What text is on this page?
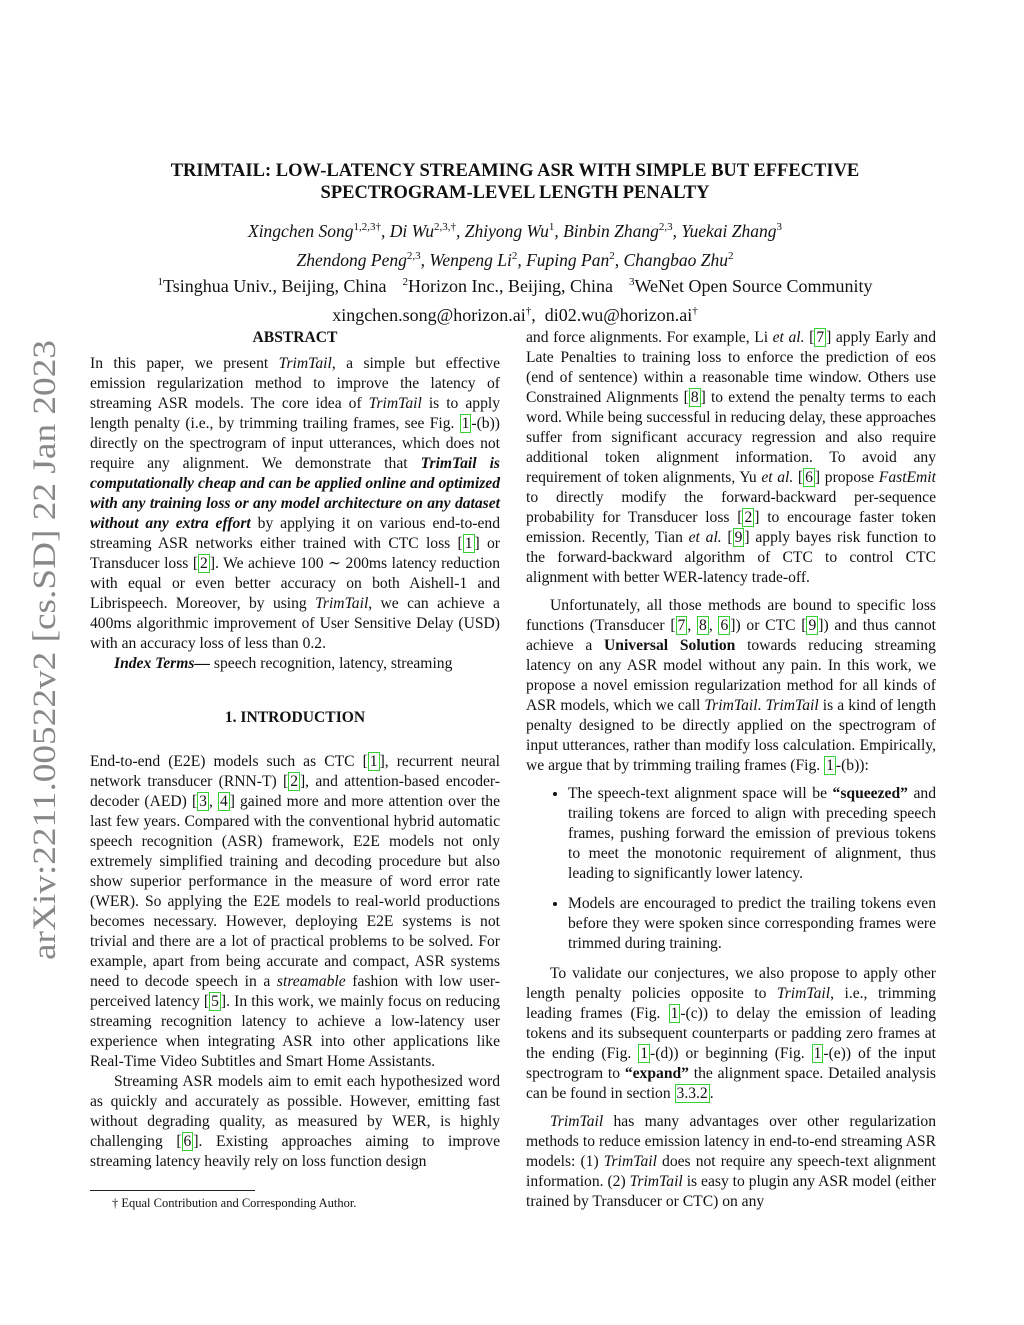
arXiv:2211.00522v2 [cs.SD] 22 Jan 2023
TRIMTAIL: LOW-LATENCY STREAMING ASR WITH SIMPLE BUT EFFECTIVE
SPECTROGRAM-LEVEL LENGTH PENALTY
Xingchen Song$^{1,2,3\dagger}$, Di $Wu^{2,3,\dagger}$, Zhiyong Wu$^1$, Binbin Zhang$^{2,3}$, Yuekai Zhang$^3$
Zhendong Peng$^{2,3}$, Wenpeng Li$^2$, Fuping Pan$^2$, Changbao Zhu$^2$
$^1$Tsinghua Univ., Beijing, China $^2$Horizon Inc., Beijing, China $^3$WeNet Open Source Community
xingchen.song@horizon.ai†,  di02.wu@horizon.ai†
ABSTRACT

In this paper, we present TrimTail, a simple but effective emission regularization method to improve the latency of streaming ASR models. The core idea of TrimTail is to apply length penalty (i.e., by trimming trailing frames, see Fig. 1 -(b)) directly on the spectrogram of input utterances, which does not require any alignment. We demonstrate that TrimTail is computationally cheap and can be applied online and optimized with any training loss or any model architecture on any dataset without any extra effort by applying it on various end-to-end streaming ASR networks either trained with CTC loss [ 1 ] or Transducer loss [ 2 ]. We achieve 100 ∼ 200ms latency reduction with equal or even better accuracy on both Aishell-1 and Librispeech. Moreover, by using TrimTail, we can achieve a 400ms algorithmic improvement of User Sensitive Delay (USD) with an accuracy loss of less than 0.2.

Index Terms— speech recognition, latency, streaming

1. INTRODUCTION

End-to-end (E2E) models such as CTC [ 1 ], recurrent neural network transducer (RNN-T) [ 2 ], and attention-based encoder-decoder (AED) [ 3 , 4 ] gained more and more attention over the last few years. Compared with the conventional hybrid automatic speech recognition (ASR) framework, E2E models not only extremely simplified training and decoding procedure but also show superior performance in the measure of word error rate (WER). So applying the E2E models to real-world productions becomes necessary. However, deploying E2E systems is not trivial and there are a lot of practical problems to be solved. For example, apart from being accurate and compact, ASR systems need to decode speech in a streamable fashion with low user-perceived latency [ 5 ]. In this work, we mainly focus on reducing streaming recognition latency to achieve a low-latency user experience when integrating ASR into other applications like Real-Time Video Subtitles and Smart Home Assistants.

Streaming ASR models aim to emit each hypothesized word as quickly and accurately as possible. However, emitting fast without degrading quality, as measured by WER, is highly challenging [ 6 ]. Existing approaches aiming to improve streaming latency heavily rely on loss function design

† Equal Contribution and Corresponding Author.

and force alignments. For example, Li et al. [ 7 ] apply Early and Late Penalties to training loss to enforce the prediction of eos (end of sentence) within a reasonable time window. Others use Constrained Alignments [ 8 ] to extend the penalty terms to each word. While being successful in reducing delay, these approaches suffer from significant accuracy regression and also require additional token alignment information. To avoid any requirement of token alignments, Yu et al. [ 6 ] propose FastEmit to directly modify the forward-backward per-sequence probability for Transducer loss [ 2 ] to encourage faster token emission. Recently, Tian et al. [ 9 ] apply bayes risk function to the forward-backward algorithm of CTC to control CTC alignment with better WER-latency trade-off.

Unfortunately, all those methods are bound to specific loss functions (Transducer [ 7 , 8 , 6 ]) or CTC [ 9 ]) and thus cannot achieve a Universal Solution towards reducing streaming latency on any ASR model without any pain. In this work, we propose a novel emission regularization method for all kinds of ASR models, which we call TrimTail. TrimTail is a kind of length penalty designed to be directly applied on the spectrogram of input utterances, rather than modify loss calculation. Empirically, we argue that by trimming trailing frames (Fig. 1 -(b)):

• The speech-text alignment space will be “squeezed” and trailing tokens are forced to align with preceding speech frames, pushing forward the emission of previous tokens to meet the monotonic requirement of alignment, thus leading to significantly lower latency.
• Models are encouraged to predict the trailing tokens even before they were spoken since corresponding frames were trimmed during training.

To validate our conjectures, we also propose to apply other length penalty policies opposite to TrimTail, i.e., trimming leading frames (Fig. 1 -(c)) to delay the emission of leading tokens and its subsequent counterparts or padding zero frames at the ending (Fig. 1 -(d)) or beginning (Fig. 1 -(e)) of the input spectrogram to “expand” the alignment space. Detailed analysis can be found in section 3.3.2 .

TrimTail has many advantages over other regularization methods to reduce emission latency in end-to-end streaming ASR models: (1) TrimTail does not require any speech-text alignment information. (2) TrimTail is easy to plugin any ASR model (either trained by Transducer or CTC) on any
